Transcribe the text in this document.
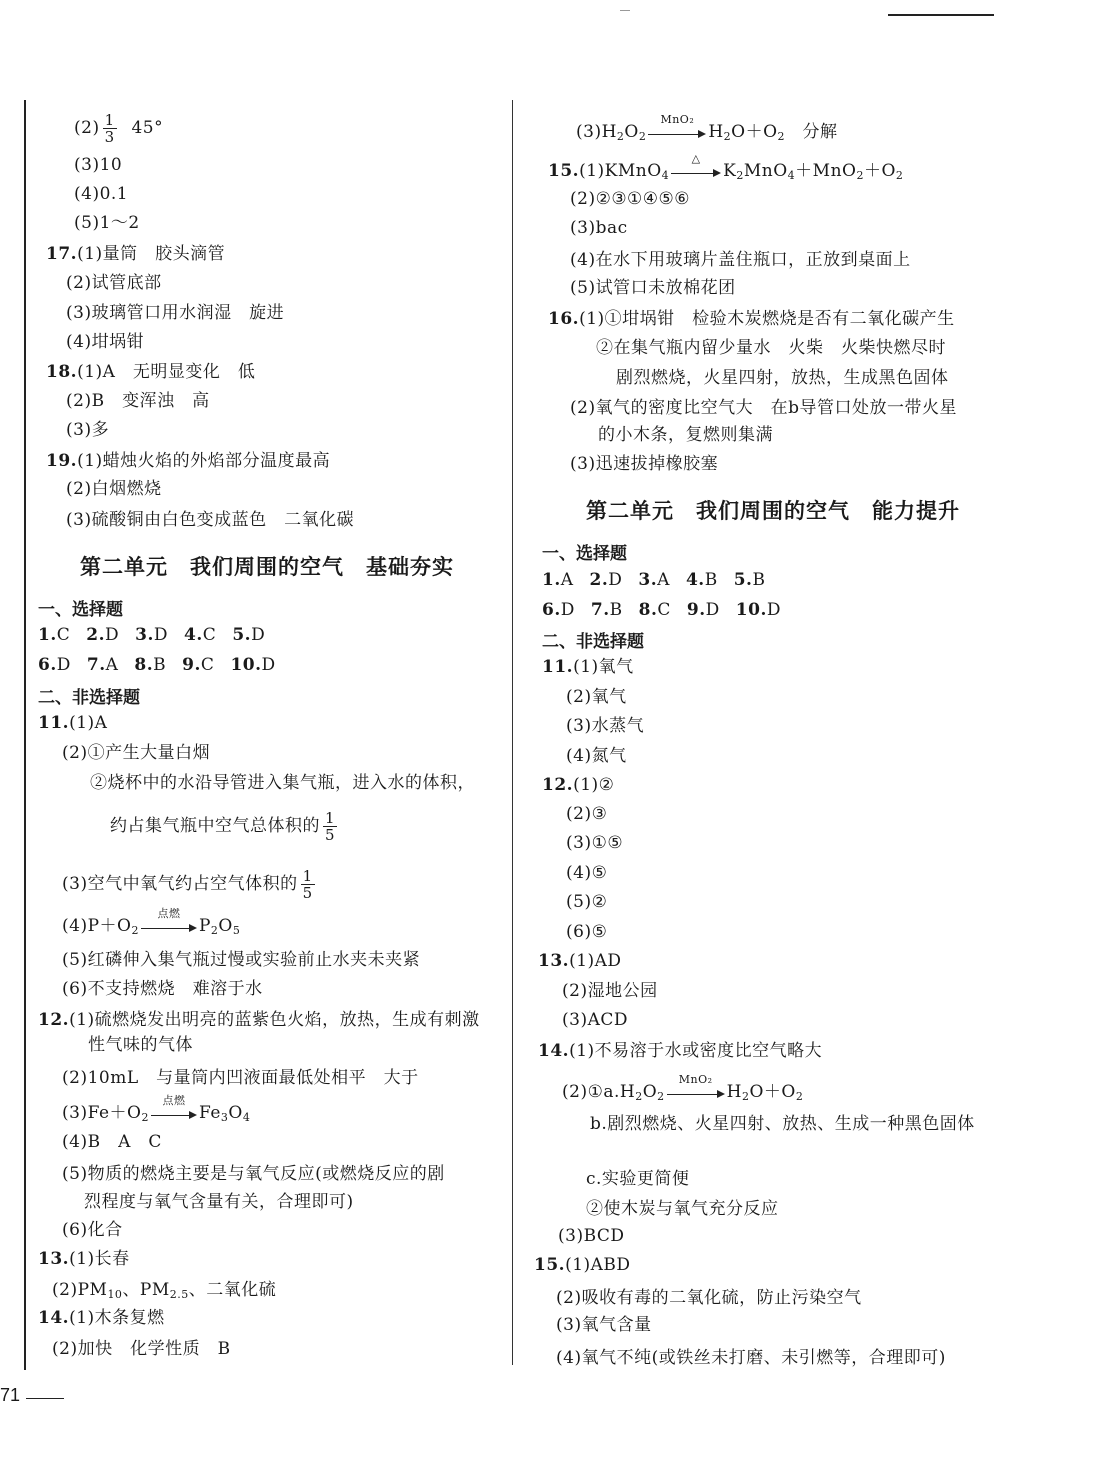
$(2) \frac{1}{3} 45^\circ$
(3)10
(4)0.1
(5)1～2
17.(1)量筒　胶头滴管
(2)试管底部
(3)玻璃管口用水润湿　旋进
(4)坩埚钳
18.(1)A　无明显变化　低
(2)B　变浑浊　高
(3)多
19.(1)蜡烛火焰的外焰部分温度最高
(2)白烟燃烧
(3)硫酸铜由白色变成蓝色　二氧化碳
第二单元　我们周围的空气　基础夯实
一、选择题
1.C 2.D 3.D 4.C 5.D
6.D 7.A 8.B 9.C 10.D
二、非选择题
11.(1)A
(2)①产生大量白烟
②烧杯中的水沿导管进入集气瓶，进入水的体积，
约占集气瓶中空气总体积的 $\frac{1}{5}$
(3)空气中氧气约占空气体积的 $\frac{1}{5}$
$(4)P+O_2$
点燃
$P_2O_5$
(5)红磷伸入集气瓶过慢或实验前止水夹未夹紧
(6)不支持燃烧　难溶于水
12.(1)硫燃烧发出明亮的蓝紫色火焰，放热，生成有刺激
性气味的气体
(2)10mL　与量筒内凹液面最低处相平　大于
$(3)Fe+O_2$
点燃
$Fe_3O_4$
(4)B　A　C
(5)物质的燃烧主要是与氧气反应(或燃烧反应的剧
烈程度与氧气含量有关，合理即可)
(6)化合
13.(1)长春
$(2)PM_{10}$、$PM_{2.5}$、二氧化硫
14.(1)木条复燃
(2)加快　化学性质　B
$(3)H_2O_2$
MnO₂
$H_2O+O_2$　分解
15.(1)KMnO$_4$
△
$K_2MnO_4+MnO_2+O_2$
(2)②③①④⑤⑥
(3)bac
(4)在水下用玻璃片盖住瓶口，正放到桌面上
(5)试管口未放棉花团
16.(1)①坩埚钳　检验木炭燃烧是否有二氧化碳产生
②在集气瓶内留少量水　火柴　火柴快燃尽时
剧烈燃烧，火星四射，放热，生成黑色固体
(2)氧气的密度比空气大　在b导管口处放一带火星
的小木条，复燃则集满
(3)迅速拔掉橡胶塞
第二单元　我们周围的空气　能力提升
一、选择题
1.A 2.D 3.A 4.B 5.B
6.D 7.B 8.C 9.D 10.D
二、非选择题
11.(1)氧气
(2)氧气
(3)水蒸气
(4)氮气
12.(1)②
(2)③
(3)①⑤
(4)⑤
(5)②
(6)⑤
13.(1)AD
(2)湿地公园
(3)ACD
14.(1)不易溶于水或密度比空气略大
$(2)①a.H_2O_2$
MnO₂
$H_2O+O_2$
b.剧烈燃烧、火星四射、放热、生成一种黑色固体
c.实验更简便
②使木炭与氧气充分反应
(3)BCD
15.(1)ABD
(2)吸收有毒的二氧化硫，防止污染空气
(3)氧气含量
(4)氧气不纯(或铁丝未打磨、未引燃等，合理即可)
71
